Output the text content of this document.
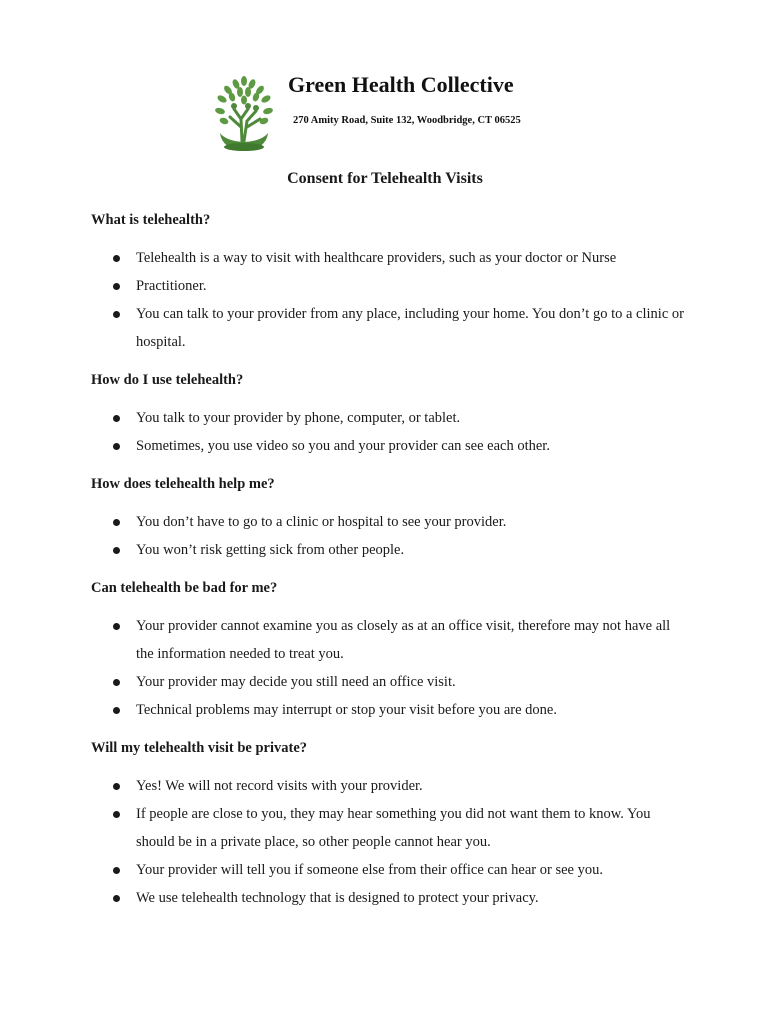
Green Health Collective
270 Amity Road, Suite 132, Woodbridge, CT 06525
Consent for Telehealth Visits
What is telehealth?
Telehealth is a way to visit with healthcare providers, such as your doctor or Nurse
Practitioner.
You can talk to your provider from any place, including your home. You don’t go to a clinic or hospital.
How do I use telehealth?
You talk to your provider by phone, computer, or tablet.
Sometimes, you use video so you and your provider can see each other.
How does telehealth help me?
You don’t have to go to a clinic or hospital to see your provider.
You won’t risk getting sick from other people.
Can telehealth be bad for me?
Your provider cannot examine you as closely as at an office visit, therefore may not have all the information needed to treat you.
Your provider may decide you still need an office visit.
Technical problems may interrupt or stop your visit before you are done.
Will my telehealth visit be private?
Yes! We will not record visits with your provider.
If people are close to you, they may hear something you did not want them to know. You should be in a private place, so other people cannot hear you.
Your provider will tell you if someone else from their office can hear or see you.
We use telehealth technology that is designed to protect your privacy.
